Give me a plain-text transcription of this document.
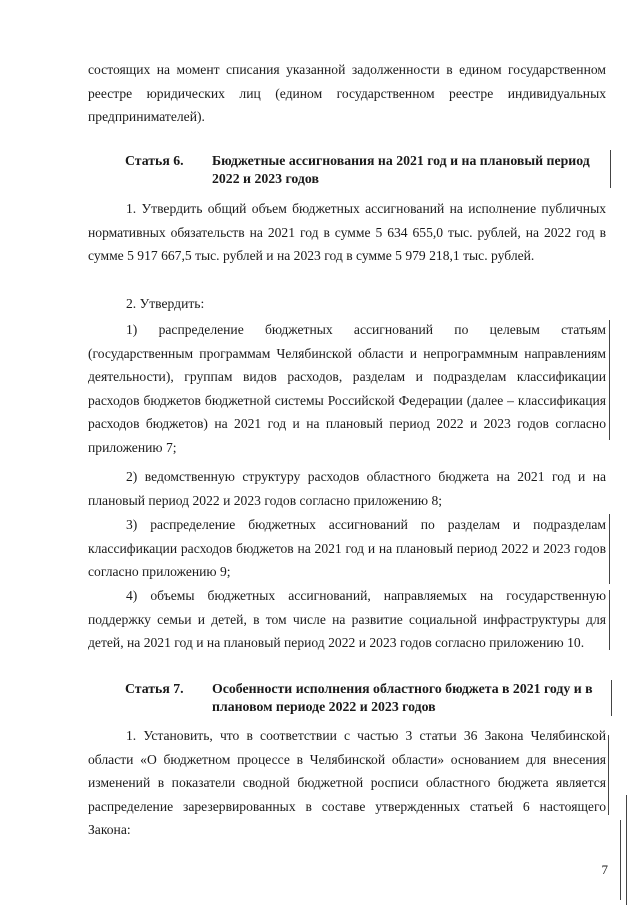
состоящих на момент списания указанной задолженности в едином государственном реестре юридических лиц (едином государственном реестре индивидуальных предпринимателей).

Статья 6.	Бюджетные ассигнования на 2021 год и на плановый период 2022 и 2023 годов

1. Утвердить общий объем бюджетных ассигнований на исполнение публичных нормативных обязательств на 2021 год в сумме 5 634 655,0 тыс. рублей, на 2022 год в сумме 5 917 667,5 тыс. рублей и на 2023 год в сумме 5 979 218,1 тыс. рублей.

2. Утвердить:

1) распределение бюджетных ассигнований по целевым статьям (государственным программам Челябинской области и непрограммным направлениям деятельности), группам видов расходов, разделам и подразделам классификации расходов бюджетов бюджетной системы Российской Федерации (далее – классификация расходов бюджетов) на 2021 год и на плановый период 2022 и 2023 годов согласно приложению 7;

2) ведомственную структуру расходов областного бюджета на 2021 год и на плановый период 2022 и 2023 годов согласно приложению 8;

3) распределение бюджетных ассигнований по разделам и подразделам классификации расходов бюджетов на 2021 год и на плановый период 2022 и 2023 годов согласно приложению 9;

4) объемы бюджетных ассигнований, направляемых на государственную поддержку семьи и детей, в том числе на развитие социальной инфраструктуры для детей, на 2021 год и на плановый период 2022 и 2023 годов согласно приложению 10.

Статья 7.	Особенности исполнения областного бюджета в 2021 году и в плановом периоде 2022 и 2023 годов

1. Установить, что в соответствии с частью 3 статьи 36 Закона Челябинской области «О бюджетном процессе в Челябинской области» основанием для внесения изменений в показатели сводной бюджетной росписи областного бюджета является распределение зарезервированных в составе утвержденных статьей 6 настоящего Закона:

7
